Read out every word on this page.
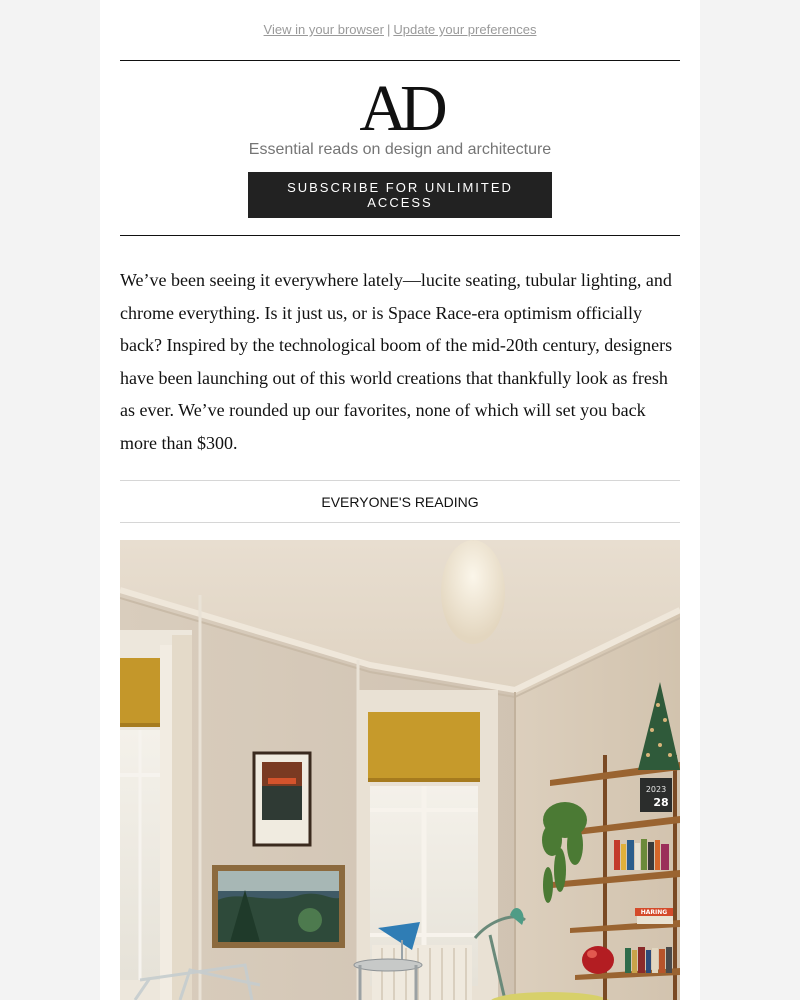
View in your browser | Update your preferences
AD
Essential reads on design and architecture
SUBSCRIBE FOR UNLIMITED ACCESS

We’ve been seeing it everywhere lately—lucite seating, tubular lighting, and chrome everything. Is it just us, or is Space Race-era optimism officially back? Inspired by the technological boom of the mid-20th century, designers have been launching out of this world creations that thankfully look as fresh as ever. We’ve rounded up our favorites, none of which will set you back more than $300.

EVERYONE'S READING
2023
28
HARING
